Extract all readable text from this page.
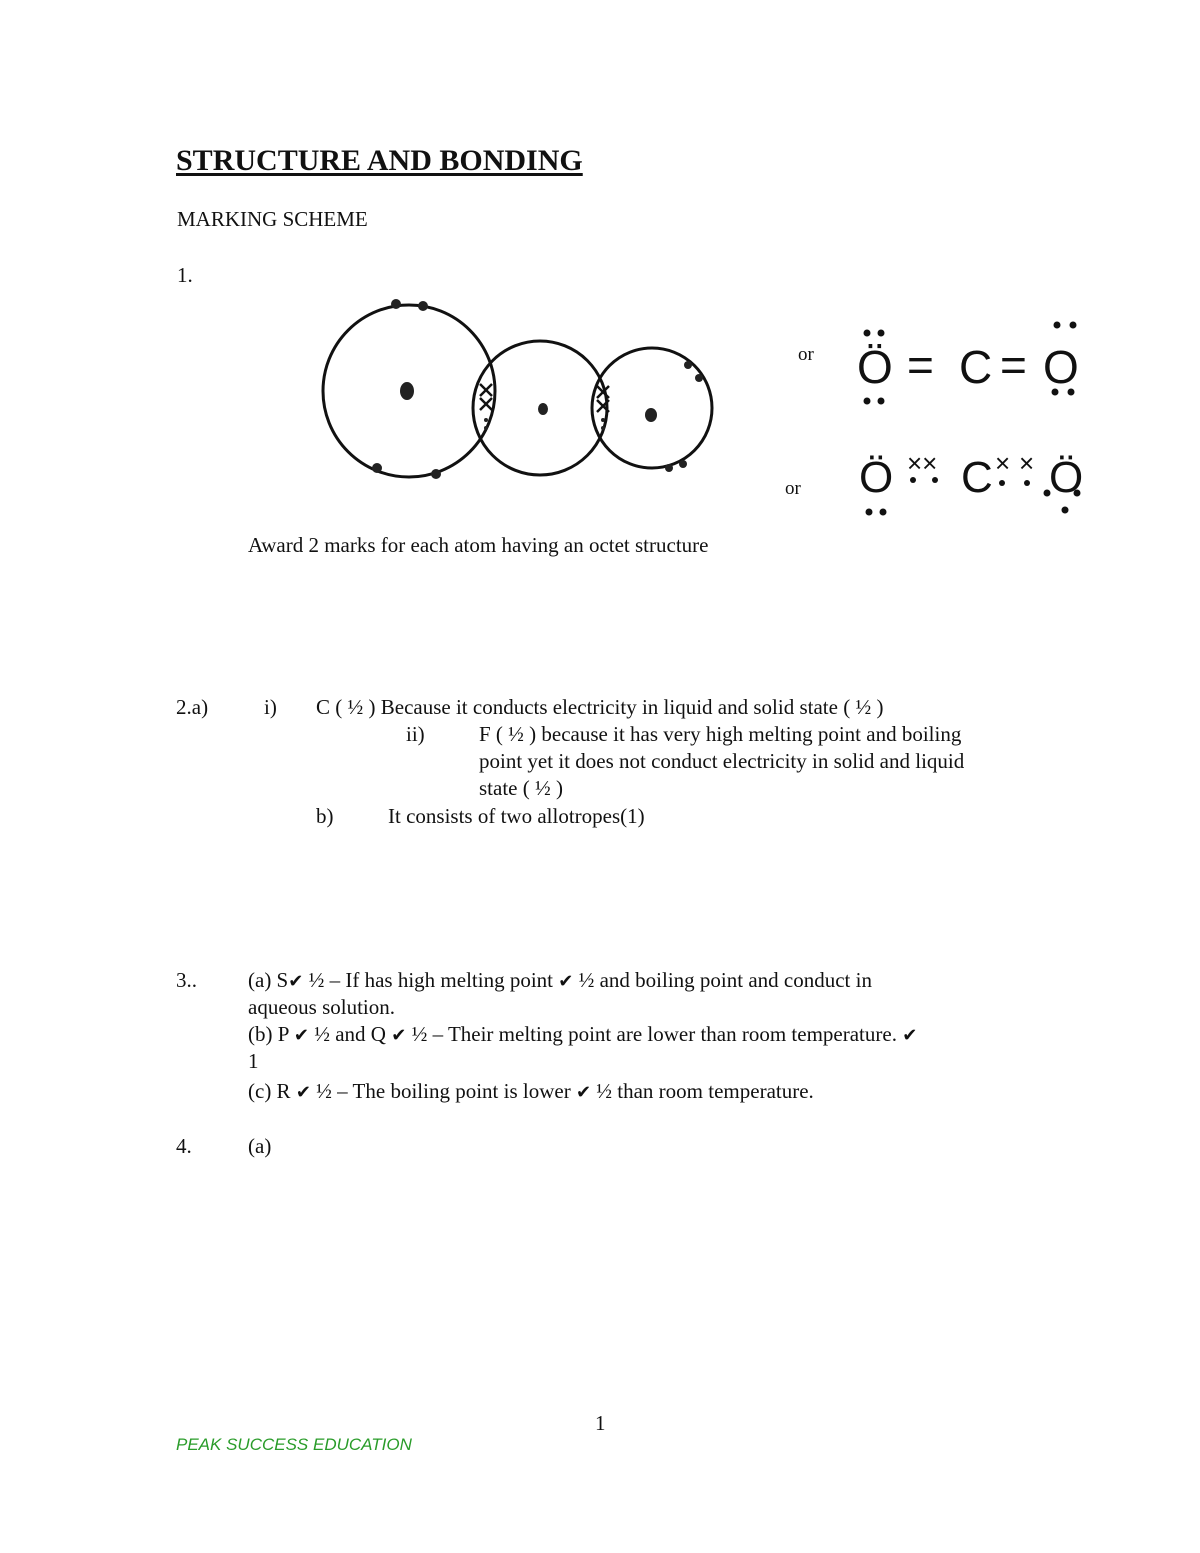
STRUCTURE AND BONDING
MARKING SCHEME
1.
or
or
Ö = C = O
Ö ×× C × × Ö
Award 2 marks for each atom having an octet structure
2.a)	i) C ( ½ ) Because it conducts electricity in liquid and solid state ( ½ )
ii)	F ( ½ ) because it has very high melting point and boiling
point yet it does not conduct electricity in solid and liquid
state ( ½ )
b)	It consists of two allotropes(1)
3.. (a) S✔ ½ – If has high melting point ✔ ½ and boiling point and conduct in
aqueous solution.
(b) P ✔ ½ and Q ✔ ½ – Their melting point are lower than room temperature. ✔
1
(c) R ✔ ½ – The boiling point is lower ✔ ½ than room temperature.
4.	(a)
1
PEAK SUCCESS EDUCATION
